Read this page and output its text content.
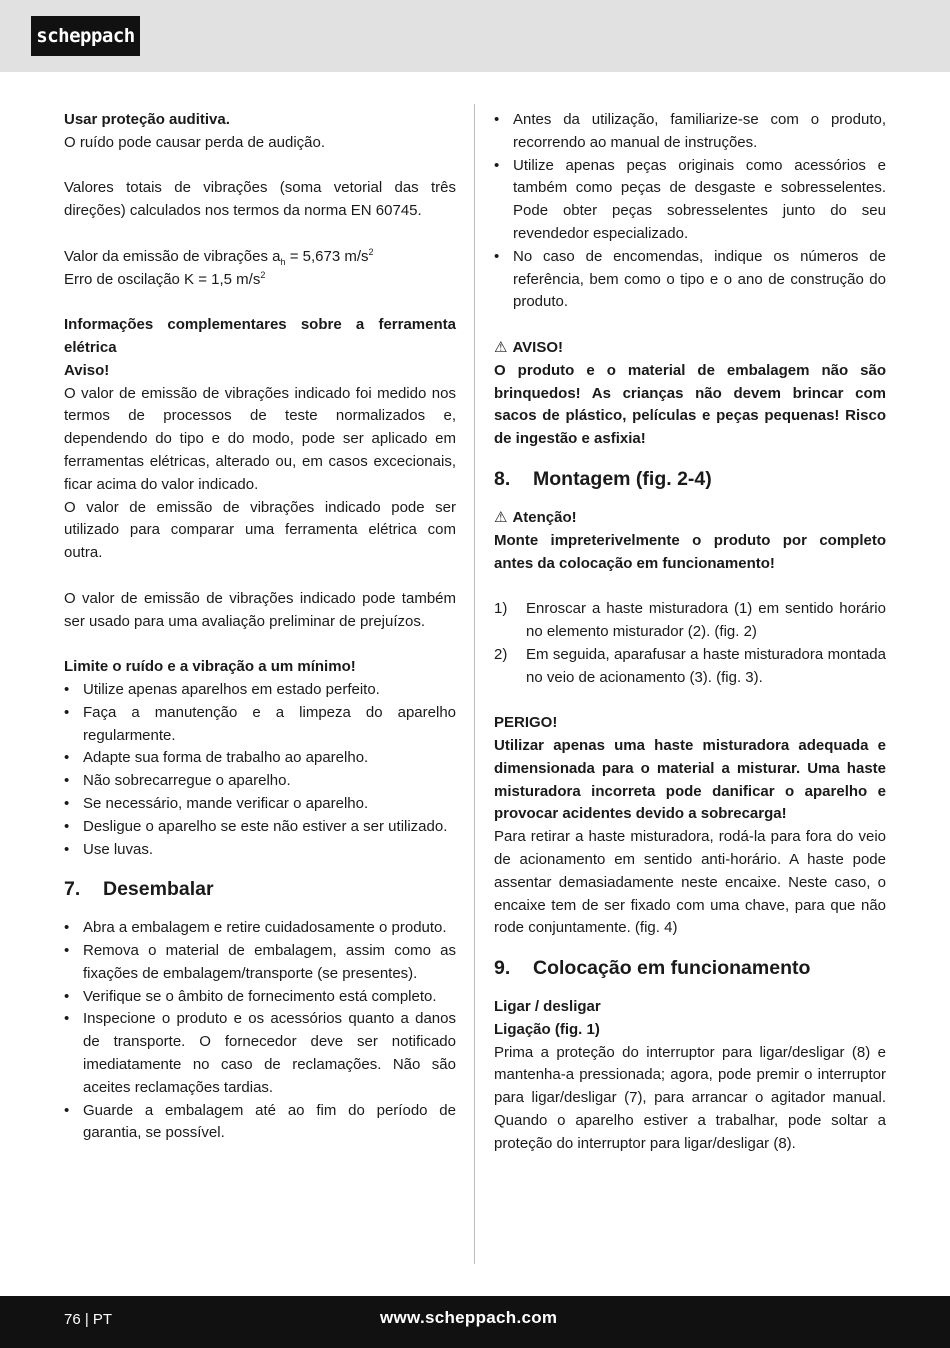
scheppach

Usar proteção auditiva.

O ruído pode causar perda de audição.

Valores totais de vibrações (soma vetorial das três direções) calculados nos termos da norma EN 60745.

Valor da emissão de vibrações $a_h = 5,673$ $m/s^2$

Erro de oscilação K = 1,5 $m/s^2$

Informações complementares sobre a ferramenta elétrica

Aviso!

O valor de emissão de vibrações indicado foi medido nos termos de processos de teste normalizados e, dependendo do tipo e do modo, pode ser aplicado em ferramentas elétricas, alterado ou, em casos excecionais, ficar acima do valor indicado.

O valor de emissão de vibrações indicado pode ser utilizado para comparar uma ferramenta elétrica com outra.

O valor de emissão de vibrações indicado pode também ser usado para uma avaliação preliminar de prejuízos.

Limite o ruído e a vibração a um mínimo!

• Utilize apenas aparelhos em estado perfeito.
• Faça a manutenção e a limpeza do aparelho regularmente.
• Adapte sua forma de trabalho ao aparelho.
• Não sobrecarregue o aparelho.
• Se necessário, mande verificar o aparelho.
• Desligue o aparelho se este não estiver a ser utilizado.
• Use luvas.
7.	Desembalar
• Abra a embalagem e retire cuidadosamente o produto.
• Remova o material de embalagem, assim como as fixações de embalagem/transporte (se presentes).
• Verifique se o âmbito de fornecimento está completo.
• Inspecione o produto e os acessórios quanto a danos de transporte. O fornecedor deve ser notificado imediatamente no caso de reclamações. Não são aceites reclamações tardias.
• Guarde a embalagem até ao fim do período de garantia, se possível.
• Antes da utilização, familiarize-se com o produto, recorrendo ao manual de instruções.
• Utilize apenas peças originais como acessórios e também como peças de desgaste e sobresselentes. Pode obter peças sobresselentes junto do seu revendedor especializado.
• No caso de encomendas, indique os números de referência, bem como o tipo e o ano de construção do produto.

⚠ AVISO!

O produto e o material de embalagem não são brinquedos! As crianças não devem brincar com sacos de plástico, películas e peças pequenas! Risco de ingestão e asfixia!

8.	Montagem (fig. 2-4)

⚠ Atenção!

Monte impreterivelmente o produto por completo antes da colocação em funcionamento!

1) Enroscar a haste misturadora (1) em sentido horário no elemento misturador (2). (fig. 2)
2) Em seguida, aparafusar a haste misturadora montada no veio de acionamento (3). (fig. 3).

PERIGO!

Utilizar apenas uma haste misturadora adequada e dimensionada para o material a misturar. Uma haste misturadora incorreta pode danificar o aparelho e provocar acidentes devido a sobrecarga!

Para retirar a haste misturadora, rodá-la para fora do veio de acionamento em sentido anti-horário. A haste pode assentar demasiadamente neste encaixe. Neste caso, o encaixe tem de ser fixado com uma chave, para que não rode conjuntamente. (fig. 4)

9.	Colocação em funcionamento

Ligar / desligar

Ligação (fig. 1)

Prima a proteção do interruptor para ligar/desligar (8) e mantenha-a pressionada; agora, pode premir o interruptor para ligar/desligar (7), para arrancar o agitador manual. Quando o aparelho estiver a trabalhar, pode soltar a proteção do interruptor para ligar/desligar (8).

76 | PT	www.scheppach.com
